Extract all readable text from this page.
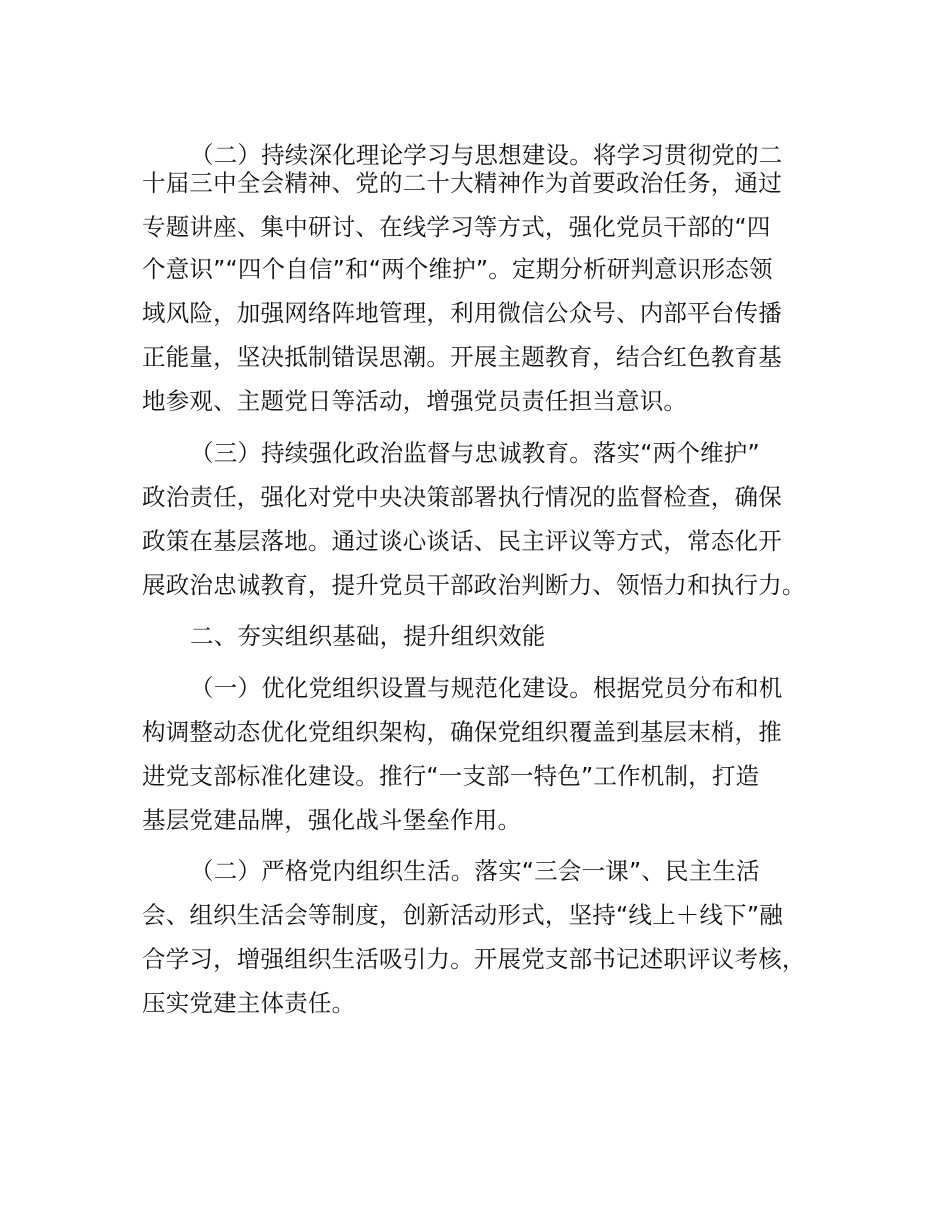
（二）持续深化理论学习与思想建设。将学习贯彻党的二
十届三中全会精神、党的二十大精神作为首要政治任务，通过
专题讲座、集中研讨、在线学习等方式，强化党员干部的“四
个意识”“四个自信”和“两个维护”。定期分析研判意识形态领
域风险，加强网络阵地管理，利用微信公众号、内部平台传播
正能量，坚决抵制错误思潮。开展主题教育，结合红色教育基
地参观、主题党日等活动，增强党员责任担当意识。
（三）持续强化政治监督与忠诚教育。落实“两个维护”
政治责任，强化对党中央决策部署执行情况的监督检查，确保
政策在基层落地。通过谈心谈话、民主评议等方式，常态化开
展政治忠诚教育，提升党员干部政治判断力、领悟力和执行力。
二、夯实组织基础，提升组织效能
（一）优化党组织设置与规范化建设。根据党员分布和机
构调整动态优化党组织架构，确保党组织覆盖到基层末梢，推
进党支部标准化建设。推行“一支部一特色”工作机制，打造
基层党建品牌，强化战斗堡垒作用。
（二）严格党内组织生活。落实“三会一课”、民主生活
会、组织生活会等制度，创新活动形式，坚持“线上＋线下”融
合学习，增强组织生活吸引力。开展党支部书记述职评议考核，
压实党建主体责任。
